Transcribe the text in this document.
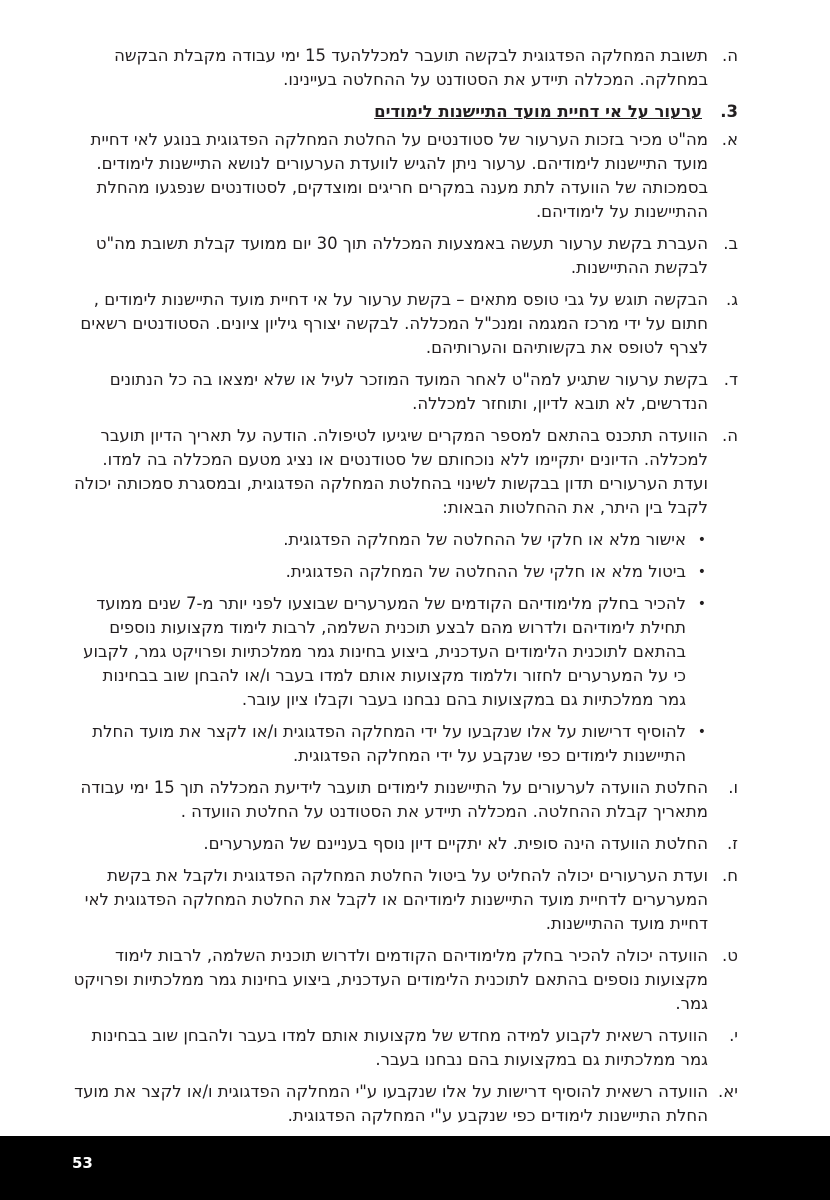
ה.
תשובת המחלקה הפדגוגית לבקשה תועבר למכללהעד 15 ימי עבודה מקבלת הבקשה במחלקה. המכללה תיידע את הסטודנט על ההחלטה בעיינינו.
3.
ערעור על אי דחיית מועד התיישנות לימודים
א.
מה"ט מכיר בזכות הערעור של סטודנטים על החלטת המחלקה הפדגוגית בנוגע לאי דחיית מועד התיישנות לימודיהם. ערעור ניתן להגיש לוועדת הערעורים לנושא התיישנות לימודים. בסמכותה של הוועדה לתת מענה במקרים חריגים ומוצדקים, לסטודנטים שנפגעו מהחלת ההתיישנות על לימודיהם.
ב.
העברת בקשת ערעור תעשה באמצעות המכללה תוך 30 יום ממועד קבלת תשובת מה"ט לבקשת ההתיישנות.
ג.
הבקשה תוגש על גבי טופס מתאים – בקשת ערעור על אי דחיית מועד התיישנות לימודים , חתום על ידי מרכז המגמה ומנכ"ל המכללה. לבקשה יצורף גיליון ציונים. הסטודנטים רשאים לצרף לטופס את בקשותיהם והערותיהם.
ד.
בקשת ערעור שתגיע למה"ט לאחר המועד המוזכר לעיל או שלא ימצאו בה כל הנתונים הנדרשים, לא תובא לדיון, ותוחזר למכללה.
ה.
הוועדה תתכנס בהתאם למספר המקרים שיגיעו לטיפולה. הודעה על תאריך הדיון תועבר למכללה. הדיונים יתקיימו ללא נוכחותם של סטודנטים או נציג מטעם המכללה בה למדו. ועדת הערעורים תדון בבקשות לשינוי בהחלטת המחלקה הפדגוגית, ובמסגרת סמכותה יכולה לקבל בין היתר, את ההחלטות הבאות:
•
אישור מלא או חלקי של ההחלטה של המחלקה הפדגוגית.
•
ביטול מלא או חלקי של ההחלטה של המחלקה הפדגוגית.
•
להכיר בחלק מלימודיהם הקודמים של המערערים שבוצעו לפני יותר מ-7 שנים ממועד תחילת לימודיהם ולדרוש מהם לבצע תוכנית השלמה, לרבות לימוד מקצועות נוספים בהתאם לתוכנית הלימודים העדכנית, ביצוע בחינות גמר ממלכתיות ופרויקט גמר, לקבוע כי על המערערים לחזור וללמוד מקצועות אותם למדו בעבר ו/או להבחן שוב בבחינות גמר ממלכתיות גם במקצועות בהם נבחנו בעבר וקבלו ציון עובר.
•
להוסיף דרישות על אלו שנקבעו על ידי המחלקה הפדגוגית ו/או לקצר את מועד החלת התיישנות לימודים כפי שנקבע על ידי המחלקה הפדגוגית.
ו.
החלטת הוועדה לערעורים על התיישנות לימודים תועבר לידיעת המכללה תוך 15 ימי עבודה מתאריך קבלת ההחלטה. המכללה תיידע את הסטודנט על החלטת הוועדה .
ז.
החלטת הוועדה הינה סופית. לא יתקיים דיון נוסף בעניינם של המערערים.
ח.
ועדת הערעורים יכולה להחליט על ביטול החלטת המחלקה הפדגוגית ולקבל את בקשת המערערים לדחיית מועד התיישנות לימודיהם או לקבל את החלטת המחלקה הפדגוגית לאי דחיית מועד ההתיישנות.
ט.
הוועדה יכולה להכיר בחלק מלימודיהם הקודמים ולדרוש תוכנית השלמה, לרבות לימוד מקצועות נוספים בהתאם לתוכנית הלימודים העדכנית, ביצוע בחינות גמר ממלכתיות ופרויקט גמר.
י.
הוועדה רשאית לקבוע למידה מחדש של מקצועות אותם למדו בעבר ולהבחן שוב בבחינות גמר ממלכתיות גם במקצועות בהם נבחנו בעבר.
יא.
הוועדה רשאית להוסיף דרישות על אלו שנקבעו ע"י המחלקה הפדגוגית ו/או לקצר את מועד החלת התיישנות לימודים כפי שנקבע ע"י המחלקה הפדגוגית.
53
